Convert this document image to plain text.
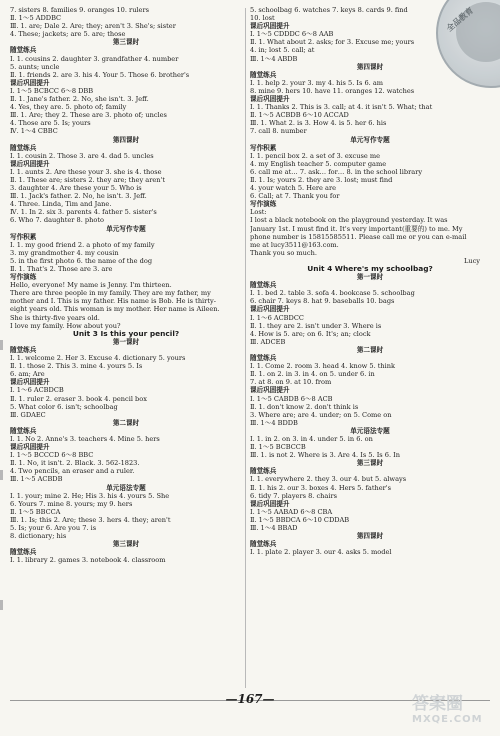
全品教育
7. sisters 8. families 9. oranges 10. rulers
Ⅱ. 1～5 ADDBC
Ⅲ. 1. are; Dale 2. Are; they; aren't 3. She's; sister
4. These; jackets; are 5. are; those
第三课时
随堂练兵
Ⅰ. 1. cousins 2. daughter 3. grandfather 4. number
5. aunts; uncle
Ⅱ. 1. friends 2. are 3. his 4. Your 5. Those 6. brother's
课后巩固提升
Ⅰ. 1～5 BCBCC 6～8 DBB
Ⅱ. 1. Jane's father. 2. No, she isn't. 3. Jeff.
4. Yes, they are. 5. photo of; family
Ⅲ. 1. Are; they 2. These are 3. photo of; uncles
4. Those are 5. Is; yours
Ⅳ. 1～4 CBBC
第四课时
随堂练兵
Ⅰ. 1. cousin 2. Those 3. are 4. dad 5. uncles
课后巩固提升
Ⅰ. 1. aunts 2. Are these your 3. she is 4. those
Ⅱ. 1. These are; sisters 2. they are; they aren't
3. daughter 4. Are these your 5. Who is
Ⅲ. 1. Jack's father. 2. No, he isn't. 3. Jeff.
4. Three. Linda, Tim and Jane.
Ⅳ. 1. In 2. six 3. parents 4. father 5. sister's
6. Who 7. daughter 8. photo
单元写作专题
写作积累
Ⅰ. 1. my good friend 2. a photo of my family
3. my grandmother 4. my cousin
5. in the first photo 6. the name of the dog
Ⅱ. 1. That's 2. Those are 3. are
写作演练
Hello, everyone! My name is Jenny. I'm thirteen.
There are three people in my family. They are my father, my
mother and I. This is my father. His name is Bob. He is thirty-
eight years old. This woman is my mother. Her name is Aileen.
She is thirty-five years old.
I love my family. How about you?
Unit 3 Is this your pencil?
第一课时
随堂练兵
Ⅰ. 1. welcome 2. Her 3. Excuse 4. dictionary 5. yours
Ⅱ. 1. those 2. This 3. mine 4. yours 5. Is
6. am; Are
课后巩固提升
Ⅰ. 1～6 ACBDCB
Ⅱ. 1. ruler 2. eraser 3. book 4. pencil box
5. What color 6. isn't; schoolbag
Ⅲ. GDAEC
第二课时
随堂练兵
Ⅰ. 1. No 2. Anne's 3. teachers 4. Mine 5. hers
课后巩固提升
Ⅰ. 1～5 BCCCD 6～8 BBC
Ⅱ. 1. No, it isn't. 2. Black. 3. 562-1823.
4. Two pencils, an eraser and a ruler.
Ⅲ. 1～5 ACBDB
单元语法专题
Ⅰ. 1. your; mine 2. He; His 3. his 4. yours 5. She
6. Yours 7. mine 8. yours; my 9. hers
Ⅱ. 1～5 BBCCA
Ⅲ. 1. Is; this 2. Are; these 3. hers 4. they; aren't
5. Is; your 6. Are you 7. is
8. dictionary; his
第三课时
随堂练兵
Ⅰ. 1. library 2. games 3. notebook 4. classroom
5. schoolbag 6. watches 7. keys 8. cards 9. find
10. lost
课后巩固提升
Ⅰ. 1～5 CDDDC 6～8 AAB
Ⅱ. 1. What about 2. asks; for 3. Excuse me; yours
4. in; lost 5. call; at
Ⅲ. 1～4 ABDB
第四课时
随堂练兵
Ⅰ. 1. help 2. your 3. my 4. his 5. Is 6. am
8. mine 9. hers 10. have 11. oranges 12. watches
课后巩固提升
Ⅰ. 1. Thanks 2. This is 3. call; at 4. it isn't 5. What; that
Ⅱ. 1～5 ACBDB 6～10 ACCAD
Ⅲ. 1. What 2. is 3. How 4. is 5. her 6. his
7. call 8. number
单元写作专题
写作积累
Ⅰ. 1. pencil box 2. a set of 3. excuse me
4. my English teacher 5. computer game
6. call me at… 7. ask… for… 8. in the school library
Ⅱ. 1. Is; yours 2. they are 3. lost; must find
4. your watch 5. Here are
6. Call; at 7. Thank you for
写作演练
Lost:
I lost a black notebook on the playground yesterday. It was
January 1st. I must find it. It's very important(重要的) to me. My
phone number is 15815585511. Please call me or you can e-mail
me at lucy3511@163.com.
Thank you so much.
Lucy
Unit 4 Where's my schoolbag?
第一课时
随堂练兵
Ⅰ. 1. bed 2. table 3. sofa 4. bookcase 5. schoolbag
6. chair 7. keys 8. hat 9. baseballs 10. bags
课后巩固提升
Ⅰ. 1～6 ACBDCC
Ⅱ. 1. they are 2. isn't under 3. Where is
4. How is 5. are; on 6. It's; an; clock
Ⅲ. ADCEB
第二课时
随堂练兵
Ⅰ. 1. Come 2. room 3. head 4. know 5. think
Ⅱ. 1. on 2. in 3. in 4. on 5. under 6. in
7. at 8. on 9. at 10. from
课后巩固提升
Ⅰ. 1～5 CABDB 6～8 ACB
Ⅱ. 1. don't know 2. don't think is
3. Where are; are 4. under; on 5. Come on
Ⅲ. 1～4 BDDB
单元语法专题
Ⅰ. 1. in 2. on 3. in 4. under 5. in 6. on
Ⅱ. 1～5 BCBCCB
Ⅲ. 1. is not 2. Where is 3. Are 4. Is 5. Is 6. In
第三课时
随堂练兵
Ⅰ. 1. everywhere 2. they 3. our 4. but 5. always
Ⅱ. 1. his 2. our 3. boxes 4. Hers 5. father's
6. tidy 7. players 8. chairs
课后巩固提升
Ⅰ. 1～5 AABAD 6～8 CBA
Ⅱ. 1～5 BBDCA 6～10 CDDAB
Ⅲ. 1～4 BBAD
第四课时
随堂练兵
Ⅰ. 1. plate 2. player 3. our 4. asks 5. model
—167—	答案圈
MXQE.COM
